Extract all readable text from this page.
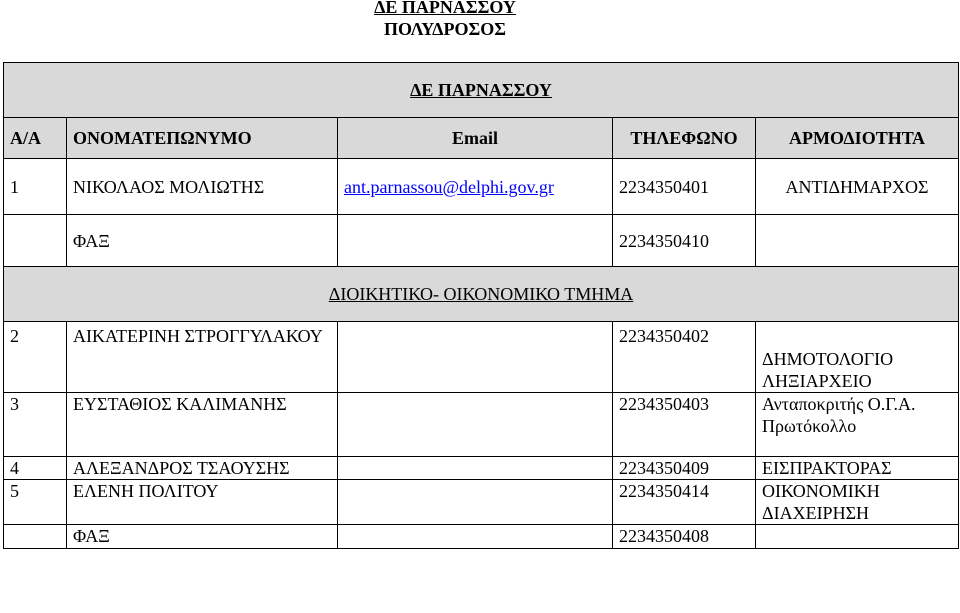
ΔΕ ΠΑΡΝΑΣΣΟΥ
ΠΟΛΥΔΡΟΣΟΣ
ΔΕ ΠΑΡΝΑΣΣΟΥ				
Α/Α	ΟΝΟΜΑΤΕΠΩΝΥΜΟ	Email	ΤΗΛΕΦΩΝΟ	ΑΡΜΟΔΙΟΤΗΤΑ
1	ΝΙΚΟΛΑΟΣ ΜΟΛΙΩΤΗΣ	ant.parnassou@delphi.gov.gr	2234350401	ΑΝΤΙΔΗΜΑΡΧΟΣ
	ΦΑΞ		2234350410	
ΔΙΟΙΚΗΤΙΚΟ- ΟΙΚΟΝΟΜΙΚΟ ΤΜΗΜΑ				
2	ΑΙΚΑΤΕΡΙΝΗ ΣΤΡΟΓΓΥΛΑΚΟΥ		2234350402	ΔΗΜΟΤΟΛΟΓΙΟ ΛΗΞΙΑΡΧΕΙΟ
3	ΕΥΣΤΑΘΙΟΣ ΚΑΛΙΜΑΝΗΣ		2234350403	Ανταποκριτής Ο.Γ.Α. Πρωτόκολλο
4	ΑΛΕΞΑΝΔΡΟΣ ΤΣΑΟΥΣΗΣ		2234350409	ΕΙΣΠΡΑΚΤΟΡΑΣ
5	ΕΛΕΝΗ ΠΟΛΙΤΟΥ		2234350414	ΟΙΚΟΝΟΜΙΚΗ ΔΙΑΧΕΙΡΗΣΗ
	ΦΑΞ		2234350408	
